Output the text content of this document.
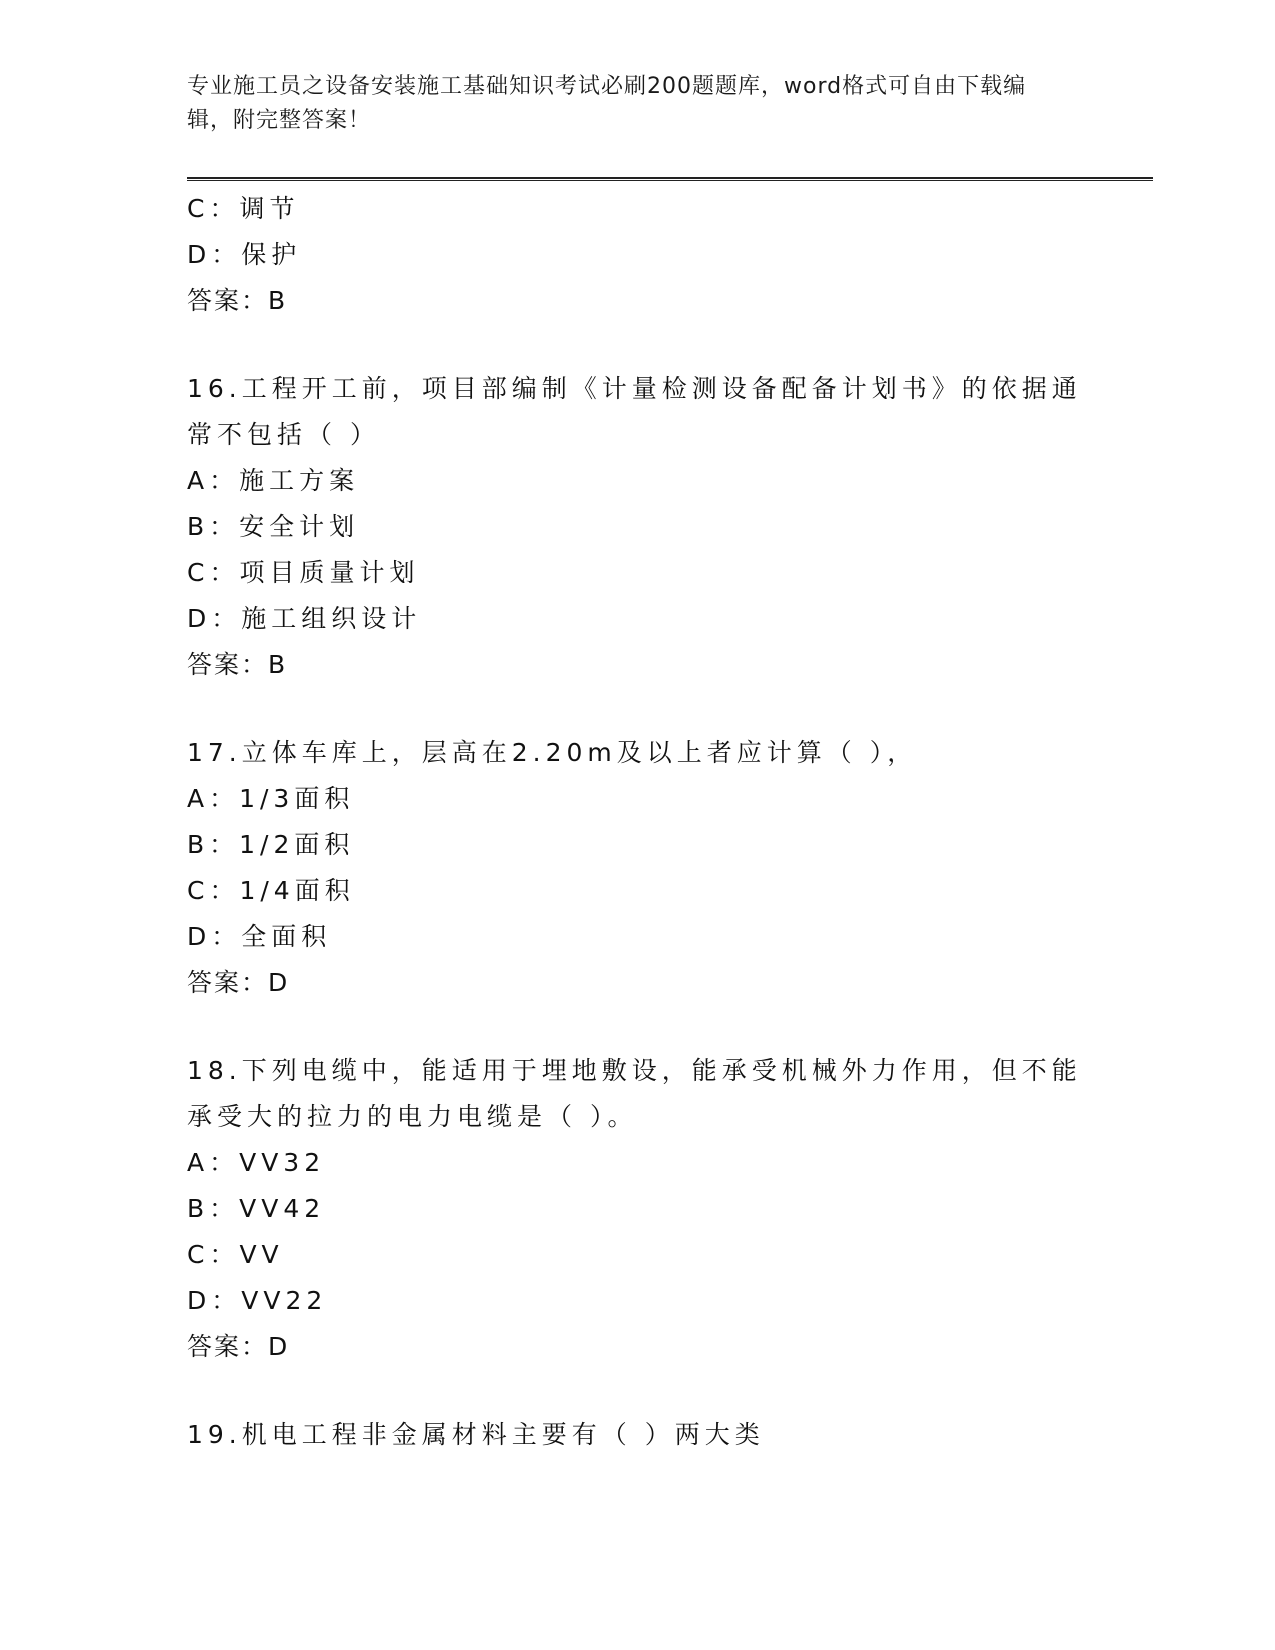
专业施工员之设备安装施工基础知识考试必刷200题题库，word格式可自由下载编辑，附完整答案！
C：调节
D：保护
答案：B
16.工程开工前，项目部编制《计量检测设备配备计划书》的依据通常不包括（ ）
A：施工方案
B：安全计划
C：项目质量计划
D：施工组织设计
答案：B
17.立体车库上，层高在2.20m及以上者应计算（ ），
A：1/3面积
B：1/2面积
C：1/4面积
D：全面积
答案：D
18.下列电缆中，能适用于埋地敷设，能承受机械外力作用，但不能承受大的拉力的电力电缆是（ ）。
A：VV32
B：VV42
C：VV
D：VV22
答案：D
19.机电工程非金属材料主要有（ ）两大类
